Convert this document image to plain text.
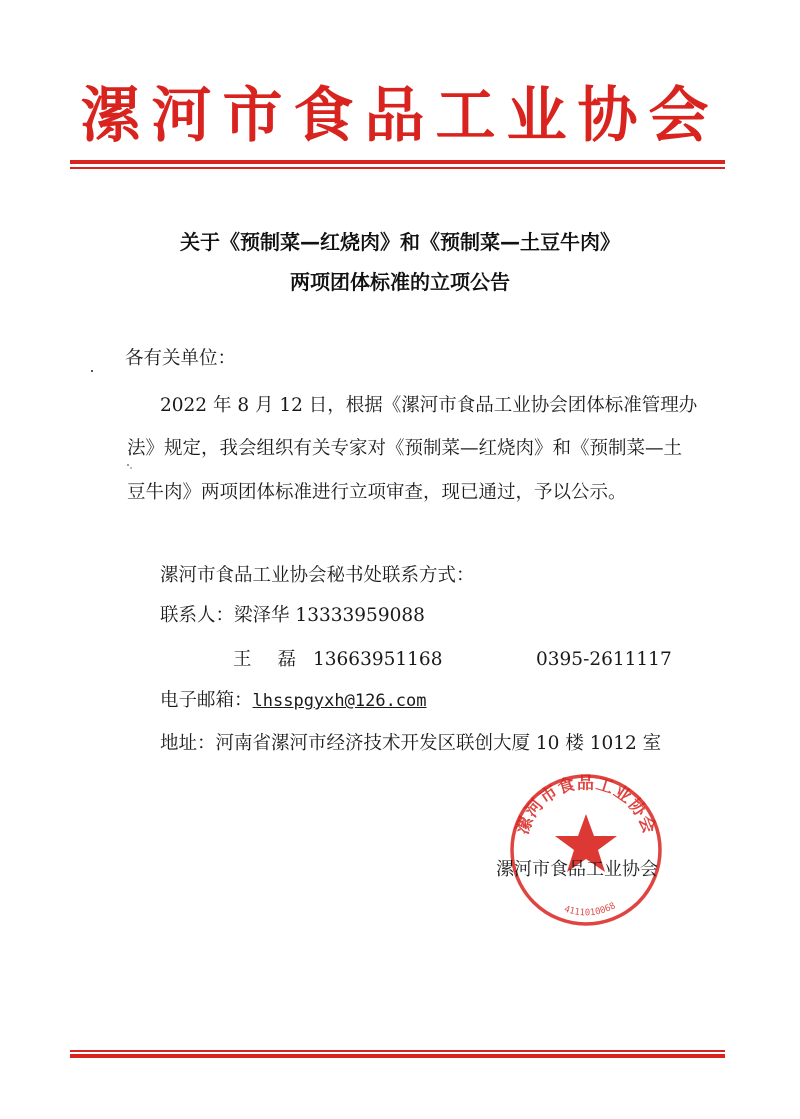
漯河市食品工业协会
关于《预制菜—红烧肉》和《预制菜—土豆牛肉》
两项团体标准的立项公告
各有关单位：
2022 年 8 月 12 日，根据《漯河市食品工业协会团体标准管理办
法》规定，我会组织有关专家对《预制菜—红烧肉》和《预制菜—土
豆牛肉》两项团体标准进行立项审查，现已通过，予以公示。
漯河市食品工业协会秘书处联系方式：
联系人：梁泽华 13333959088
王磊13663951168	0395-2611117
电子邮箱：lhsspgyxh@126.com
地址：河南省漯河市经济技术开发区联创大厦 10 楼 1012 室
漯河市食品工业协会
4111010068
漯河市食品工业协会
